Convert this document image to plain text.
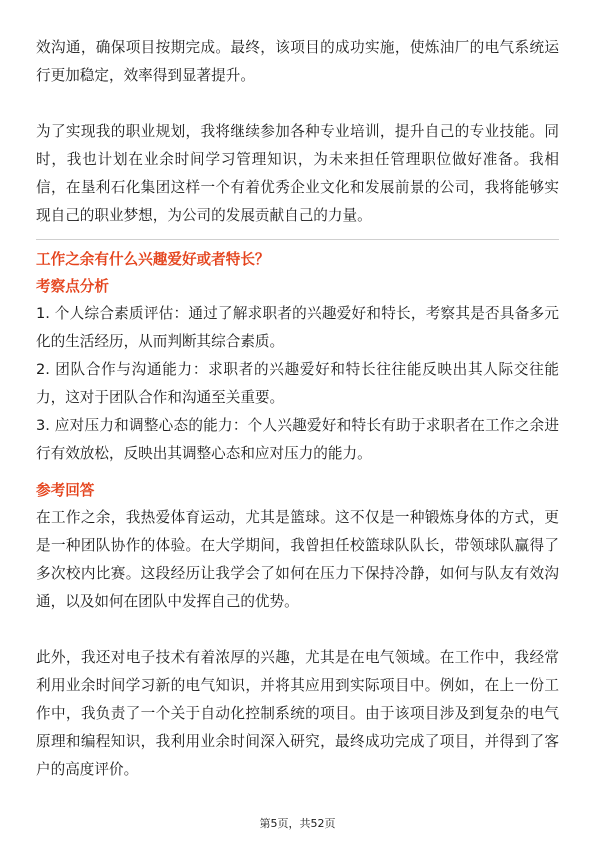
效沟通，确保项目按期完成。最终，该项目的成功实施，使炼油厂的电气系统运行更加稳定，效率得到显著提升。

为了实现我的职业规划，我将继续参加各种专业培训，提升自己的专业技能。同时，我也计划在业余时间学习管理知识，为未来担任管理职位做好准备。我相信，在垦利石化集团这样一个有着优秀企业文化和发展前景的公司，我将能够实现自己的职业梦想，为公司的发展贡献自己的力量。

工作之余有什么兴趣爱好或者特长？

考察点分析

1. 个人综合素质评估：通过了解求职者的兴趣爱好和特长，考察其是否具备多元化的生活经历，从而判断其综合素质。

2. 团队合作与沟通能力：求职者的兴趣爱好和特长往往能反映出其人际交往能力，这对于团队合作和沟通至关重要。

3. 应对压力和调整心态的能力：个人兴趣爱好和特长有助于求职者在工作之余进行有效放松，反映出其调整心态和应对压力的能力。

参考回答

在工作之余，我热爱体育运动，尤其是篮球。这不仅是一种锻炼身体的方式，更是一种团队协作的体验。在大学期间，我曾担任校篮球队队长，带领球队赢得了多次校内比赛。这段经历让我学会了如何在压力下保持冷静，如何与队友有效沟通，以及如何在团队中发挥自己的优势。

此外，我还对电子技术有着浓厚的兴趣，尤其是在电气领域。在工作中，我经常利用业余时间学习新的电气知识，并将其应用到实际项目中。例如，在上一份工作中，我负责了一个关于自动化控制系统的项目。由于该项目涉及到复杂的电气原理和编程知识，我利用业余时间深入研究，最终成功完成了项目，并得到了客户的高度评价。

第5页，共52页
